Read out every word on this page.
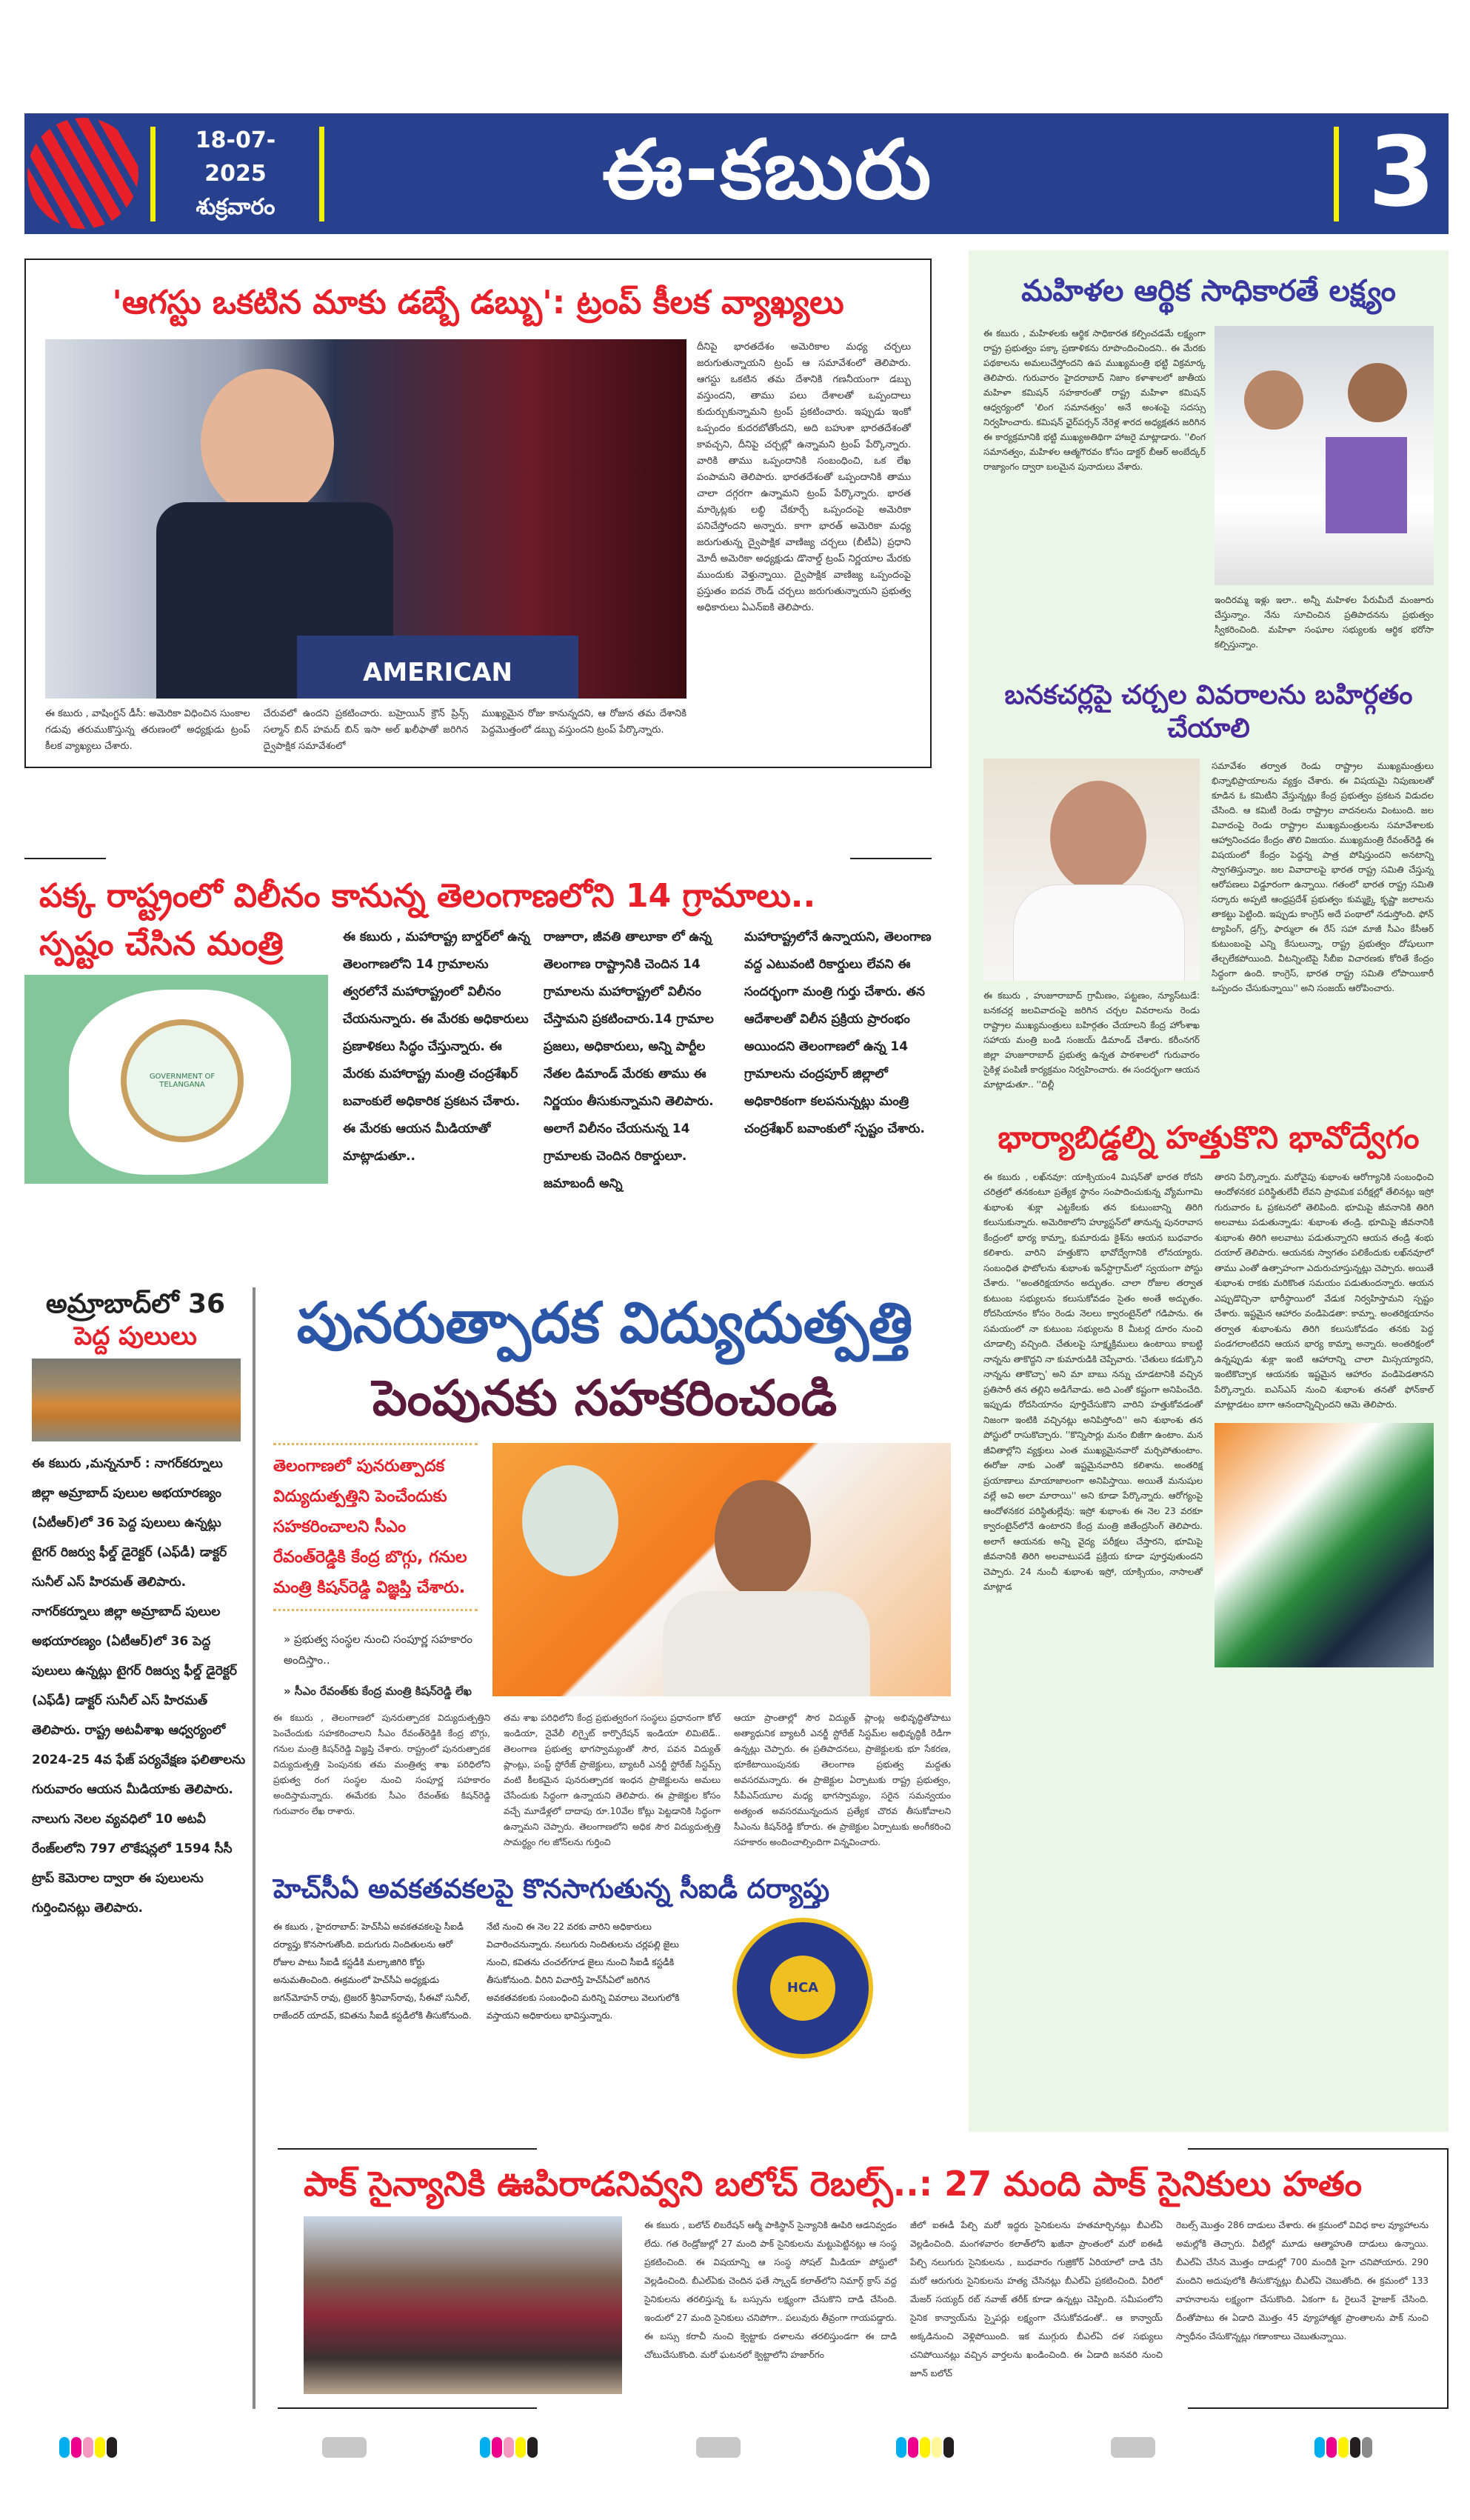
18-07-2025
శుక్రవారం
e-kaburu.com
ఈ-కబురు	3
'ఆగస్టు ఒకటిన మాకు డబ్బే డబ్బు': ట్రంప్ కీలక వ్యాఖ్యలు
AMERICAN
ఈ కబురు , వాషింగ్టన్ డీసీ: అమెరికా విధించిన సుంకాల గడువు తరుముకొస్తున్న తరుణంలో అధ్యక్షుడు ట్రంప్ కీలక వ్యాఖ్యలు చేశారు.
చేరువలో ఉందని ప్రకటించారు. బహ్రెయిన్ క్రౌన్ ప్రిన్స్ సల్మాన్ బిన్ హమద్ బిన్ ఇసా అల్ ఖలీఫాతో జరిగిన ద్వైపాక్షిక సమావేశంలో
ముఖ్యమైన రోజు కానున్నదని, ఆ రోజున తమ దేశానికి పెద్దమొత్తంలో డబ్బు వస్తుందని ట్రంప్ పేర్కొన్నారు.
దీనిపై భారతదేశం అమెరికాల మధ్య చర్చలు జరుగుతున్నాయని ట్రంప్ ఆ సమావేశంలో తెలిపారు. ఆగస్టు ఒకటిన తమ దేశానికి గణనీయంగా డబ్బు వస్తుందని, తాము పలు దేశాలతో ఒప్పందాలు కుదుర్చుకున్నామని ట్రంప్ ప్రకటించారు. ఇప్పుడు ఇంకో ఒప్పందం కుదరబోతోందని, అది బహుశా భారతదేశంతో కావచ్చని, దీనిపై చర్చల్లో ఉన్నామని ట్రంప్ పేర్కొన్నారు. వారికి తాము ఒప్పందానికి సంబంధించి, ఒక లేఖ పంపామని తెలిపారు. భారతదేశంతో ఒప్పందానికి తాము చాలా దగ్గరగా ఉన్నామని ట్రంప్ పేర్కొన్నారు. భారత మార్కెట్లకు లబ్ధి చేకూర్చే ఒప్పందంపై అమెరికా పనిచేస్తోందని అన్నారు. కాగా భారత్ అమెరికా మధ్య జరుగుతున్న ద్వైపాక్షిక వాణిజ్య చర్చలు (బీటీఏ) ప్రధాని మోదీ అమెరికా అధ్యక్షుడు డొనాల్డ్ ట్రంప్ నిర్ణయాల మేరకు ముందుకు వెళ్తున్నాయి. ద్వైపాక్షిక వాణిజ్య ఒప్పందంపై ప్రస్తుతం ఐదవ రౌండ్ చర్చలు జరుగుతున్నాయని ప్రభుత్వ అధికారులు ఏఎన్ఐకి తెలిపారు.
పక్క రాష్ట్రంలో విలీనం కానున్న తెలంగాణలోని 14 గ్రామాలు..
స్పష్టం చేసిన మంత్రి
GOVERNMENT OF TELANGANA
ఈ కబురు , మహారాష్ట్ర బార్డర్‌లో ఉన్న తెలంగాణలోని 14 గ్రామాలను త్వరలోనే మహారాష్ట్రంలో విలీనం చేయనున్నారు. ఈ మేరకు అధికారులు ప్రణాళికలు సిద్ధం చేస్తున్నారు. ఈ మేరకు మహారాష్ట్ర మంత్రి చంద్రశేఖర్ బవాంకులే అధికారిక ప్రకటన చేశారు. ఈ మేరకు ఆయన మీడియాతో మాట్లాడుతూ..
రాజూరా, జీవతి తాలూకా లో ఉన్న తెలంగాణ రాష్ట్రానికి చెందిన 14 గ్రామాలను మహారాష్ట్రలో విలీనం చేస్తామని ప్రకటించారు.14 గ్రామాల ప్రజలు, అధికారులు, అన్ని పార్టీల నేతల డిమాండ్ మేరకు తాము ఈ నిర్ణయం తీసుకున్నామని తెలిపారు. అలాగే విలీనం చేయనున్న 14 గ్రామాలకు చెందిన రికార్డులూ. జమాబందీ అన్ని
మహారాష్ట్రలోనే ఉన్నాయని, తెలంగాణ వద్ద ఎటువంటి రికార్డులు లేవని ఈ సందర్భంగా మంత్రి గుర్తు చేశారు. తన ఆదేశాలతో విలీన ప్రక్రియ ప్రారంభం అయిందని తెలంగాణలో ఉన్న 14 గ్రామాలను చంద్రపూర్ జిల్లాలో అధికారికంగా కలపనున్నట్లు మంత్రి చంద్రశేఖర్ బవాంకులో స్పష్టం చేశారు.
అమ్రాబాద్‌లో 36
పెద్ద పులులు
ఈ కబురు ,మన్ననూర్ : నాగర్‌కర్నూలు జిల్లా అమ్రాబాద్ పులుల అభయారణ్యం (ఏటీఆర్)లో 36 పెద్ద పులులు ఉన్నట్లు టైగర్ రిజర్వు ఫీల్డ్ డైరెక్టర్ (ఎఫ్‌డీ) డాక్టర్ సునీల్ ఎస్ హిరమత్ తెలిపారు. నాగర్‌కర్నూలు జిల్లా అమ్రాబాద్ పులుల అభయారణ్యం (ఏటీఆర్)లో 36 పెద్ద పులులు ఉన్నట్లు టైగర్ రిజర్వు ఫీల్డ్ డైరెక్టర్ (ఎఫ్‌డీ) డాక్టర్ సునీల్ ఎస్ హిరమత్ తెలిపారు. రాష్ట్ర అటవీశాఖ ఆధ్వర్యంలో 2024-25 4వ ఫేజ్ పర్యవేక్షణ ఫలితాలను గురువారం ఆయన మీడియాకు తెలిపారు. నాలుగు నెలల వ్యవధిలో 10 అటవీ రేంజ్‌లలోని 797 లొకేషన్లలో 1594 సీసీ ట్రాప్ కెమెరాల ద్వారా ఈ పులులను గుర్తించినట్లు తెలిపారు.
పునరుత్పాదక విద్యుదుత్పత్తి
పెంపునకు సహకరించండి
తెలంగాణలో పునరుత్పాదక విద్యుదుత్పత్తిని పెంచేందుకు సహకరించాలని సీఎం రేవంత్‌రెడ్డికి కేంద్ర బొగ్గు, గనుల మంత్రి కిషన్‌రెడ్డి విజ్ఞప్తి చేశారు.
» ప్రభుత్వ సంస్థల నుంచి సంపూర్ణ సహకారం అందిస్తాం..
» సీఎం రేవంత్‌కు కేంద్ర మంత్రి కిషన్‌రెడ్డి లేఖ
ఈ కబురు , తెలంగాణలో పునరుత్పాదక విద్యుదుత్పత్తిని పెంచేందుకు సహకరించాలని సీఎం రేవంత్‌రెడ్డికి కేంద్ర బొగ్గు, గనుల మంత్రి కిషన్‌రెడ్డి విజ్ఞప్తి చేశారు. రాష్ట్రంలో పునరుత్పాదక విద్యుదుత్పత్తి పెంపునకు తమ మంత్రిత్వ శాఖ పరిధిలోని ప్రభుత్వ రంగ సంస్థల నుంచి సంపూర్ణ సహకారం అందిస్తామన్నారు. ఈమేరకు సీఎం రేవంత్‌కు కిషన్‌రెడ్డి గురువారం లేఖ రాశారు.
తమ శాఖ పరిధిలోని కేంద్ర ప్రభుత్వరంగ సంస్థలు ప్రధానంగా కోల్ ఇండియా, నైవేలీ లిగ్నైట్ కార్పొరేషన్ ఇండియా లిమిటెడ్.. తెలంగాణ ప్రభుత్వ భాగస్వామ్యంతో సౌర, పవన విద్యుత్ ప్లాంట్లు, పంప్డ్ స్టోరేజ్ ప్రాజెక్టులు, బ్యాటరీ ఎనర్జీ స్టోరేజ్ సిస్టమ్స్ వంటి కీలకమైన పునరుత్పాదక ఇంధన ప్రాజెక్టులను అమలు చేసేందుకు సిద్ధంగా ఉన్నాయని తెలిపారు. ఈ ప్రాజెక్టుల కోసం వచ్చే మూడేళ్లలో దాదాపు రూ.10వేల కోట్లు పెట్టడానికి సిద్ధంగా ఉన్నామని చెప్పారు. తెలంగాణలోని అధిక సౌర విద్యుదుత్పత్తి సామర్థ్యం గల జోన్‌లను గుర్తించి
ఆయా ప్రాంతాల్లో సౌర విద్యుత్ ప్లాంట్ల అభివృద్ధితోపాటు అత్యాధునిక బ్యాటరీ ఎనర్జీ స్టోరేజ్ సిస్టమ్‌ల అభివృద్ధికీ రెడీగా ఉన్నట్లు చెప్పారు. ఈ ప్రతిపాదనలు, ప్రాజెక్టులకు భూ సేకరణ, భూకేటాయింపునకు తెలంగాణ ప్రభుత్వ మద్దతు అవసరమన్నారు. ఈ ప్రాజెక్టుల ఏర్పాటుకు రాష్ట్ర ప్రభుత్వం, సీపీఎస్‌యూల మధ్య భాగస్వామ్యం, సరైన సమన్వయం అత్యంత అవసరమున్నందున ప్రత్యేక చొరవ తీసుకోవాలని సీఎంను కిషన్‌రెడ్డి కోరారు. ఈ ప్రాజెక్టుల ఏర్పాటుకు అంగీకరించి సహకారం అందించాల్సిందిగా విన్నవించారు.
హెచ్‌సీఏ అవకతవకలపై కొనసాగుతున్న సీఐడీ దర్యాప్తు
ఈ కబురు , హైదరాబాద్: హెచ్‌సీఏ అవకతవకలపై సీఐడీ దర్యాప్తు కొనసాగుతోంది. ఐదుగురు నిందితులను ఆరో రోజుల పాటు సీఐడీ కస్టడీకి మల్కాజిగిరి కోర్టు అనుమతించింది. ఈక్రమంలో హెచ్‌సీఏ అధ్యక్షుడు జగన్‌మోహన్ రావు, ట్రెజరర్ శ్రీనివాస్‌రావు, సీఈవో సునీల్, రాజేందర్ యాదవ్, కవితను సీఐడీ కస్టడీలోకి తీసుకోనుంది.
నేటి నుంచి ఈ నెల 22 వరకు వారిని అధికారులు విచారించనున్నారు. నలుగురు నిందితులను చర్లపల్లి జైలు నుంచి, కవితను చంచల్‌గూడ జైలు నుంచి సీఐడీ కస్టడీకి తీసుకోనుంది. వీరిని విచారిస్తే హెచ్‌సీఏలో జరిగిన అవకతవకలకు సంబంధించి మరిన్ని వివరాలు వెలుగులోకి వస్తాయని అధికారులు భావిస్తున్నారు.
HCA
మహిళల ఆర్థిక సాధికారతే లక్ష్యం
ఈ కబురు , మహిళలకు ఆర్థిక సాధికారత కల్పించడమే లక్ష్యంగా రాష్ట్ర ప్రభుత్వం పక్కా ప్రణాళికను రూపొందించిందని.. ఈ మేరకు పథకాలను అమలుచేస్తోందని ఉప ముఖ్యమంత్రి భట్టి విక్రమార్క తెలిపారు. గురువారం హైదరాబాద్ నిజాం కళాశాలలో జాతీయ మహిళా కమిషన్ సహకారంతో రాష్ట్ర మహిళా కమిషన్ ఆధ్వర్యంలో 'లింగ సమానత్వం' అనే అంశంపై సదస్సు నిర్వహించారు. కమిషన్ ఛైర్‌పర్సన్ నేరెళ్ల శారద అధ్యక్షతన జరిగిన ఈ కార్యక్రమానికి భట్టి ముఖ్యఅతిథిగా హాజరై మాట్లాడారు. ''లింగ సమానత్వం, మహిళల ఆత్మగౌరవం కోసం డాక్టర్ బీఆర్ అంబేద్కర్ రాజ్యాంగం ద్వారా బలమైన పునాదులు వేశారు.
ఇందిరమ్మ ఇళ్లు ఇలా.. అన్నీ మహిళల పేరుమీదే మంజూరు చేస్తున్నాం. నేను సూచించిన ప్రతిపాదనను ప్రభుత్వం స్వీకరించింది. మహిళా సంఘాల సభ్యులకు ఆర్థిక భరోసా కల్పిస్తున్నాం.
బనకచర్లపై చర్చల వివరాలను బహిర్గతం చేయాలి
ఈ కబురు , హుజూరాబాద్ గ్రామీణం, పట్టణం, న్యూస్‌టుడే: బనకచర్ల జలవివాదంపై జరిగిన చర్చల వివరాలను రెండు రాష్ట్రాల ముఖ్యమంత్రులు బహిర్గతం చేయాలని కేంద్ర హోంశాఖ సహాయ మంత్రి బండి సంజయ్ డిమాండ్ చేశారు. కరీంనగర్ జిల్లా హుజూరాబాద్ ప్రభుత్వ ఉన్నత పాఠశాలలో గురువారం సైకిళ్ల పంపిణీ కార్యక్రమం నిర్వహించారు. ఈ సందర్భంగా ఆయన మాట్లాడుతూ.. ''దిల్లీ
సమావేశం తర్వాత రెండు రాష్ట్రాల ముఖ్యమంత్రులు భిన్నాభిప్రాయాలను వ్యక్తం చేశారు. ఈ విషయమై నిపుణులతో కూడిన ఓ కమిటీని వేస్తున్నట్లు కేంద్ర ప్రభుత్వం ప్రకటన విడుదల చేసింది. ఆ కమిటీ రెండు రాష్ట్రాల వాదనలను వింటుంది. జల వివాదంపై రెండు రాష్ట్రాల ముఖ్యమంత్రులను సమావేశాలకు ఆహ్వానించడం కేంద్రం తొలి విజయం. ముఖ్యమంత్రి రేవంత్‌రెడ్డి ఈ విషయంలో కేంద్రం పెద్దన్న పాత్ర పోషిస్తుందని అనటాన్ని స్వాగతిస్తున్నాం. జల వివాదాలపై భారత రాష్ట్ర సమితి చేస్తున్న ఆరోపణలు విడ్డూరంగా ఉన్నాయి. గతంలో భారత రాష్ట్ర సమితి సర్కారు అప్పటి ఆంధ్రప్రదేశ్ ప్రభుత్వం కుమ్మక్కై కృష్ణా జలాలను తాకట్టు పెట్టింది. ఇప్పుడు కాంగ్రెస్ అదే పంథాలో నడుస్తోంది. ఫోన్ ట్యాపింగ్, డ్రగ్స్, ఫార్ములా ఈ రేస్ సహా మాజీ సీఎం కేసీఆర్ కుటుంబంపై ఎన్ని కేసులున్నా, రాష్ట్ర ప్రభుత్వం దోషులుగా తేల్చలేకపోయింది. వీటన్నింటిపై సీబీఐ విచారణకు కోరితే కేంద్రం సిద్ధంగా ఉంది. కాంగ్రెస్, భారత రాష్ట్ర సమితి లోపాయికారీ ఒప్పందం చేసుకున్నాయి'' అని సంజయ్ ఆరోపించారు.
భార్యాబిడ్డల్ని హత్తుకొని భావోద్వేగం
ఈ కబురు , లఖ్‌నవూ: యాక్సియం4 మిషన్‌తో భారత రోదసి చరిత్రలో తనకంటూ ప్రత్యేక స్థానం సంపాదించుకున్న వ్యోమగామి శుభాంశు శుక్లా ఎట్టకేలకు తన కుటుంబాన్ని తిరిగి కలుసుకున్నారు. అమెరికాలోని హ్యూస్టన్‌లో తానున్న పునరావాస కేంద్రంలో భార్య కామ్నా, కుమారుడు కైశ్‌ను ఆయన బుధవారం కలిశారు. వారిని హత్తుకొని భావోద్వేగానికి లోనయ్యారు. సంబంధిత ఫొటోలను శుభాంశు ఇన్‌స్టాగ్రామ్‌లో స్వయంగా పోస్టు చేశారు. ''అంతరిక్షయానం అద్భుతం. చాలా రోజుల తర్వాత కుటుంబ సభ్యులను కలుసుకోవడం సైతం అంతే అద్భుతం. రోదసియానం కోసం రెండు నెలలు క్వారంటైన్‌లో గడిపాను. ఈ సమయంలో నా కుటుంబ సభ్యులను 8 మీటర్ల దూరం నుంచి చూడాల్సి వచ్చింది. చేతులపై సూక్ష్మక్రిములు ఉంటాయి కాబట్టి నాన్నను తాకొద్దని నా కుమారుడికి చెప్పేవారు. 'చేతులు కడుక్కొని నాన్నను తాకొచ్చా' అని మా బాబు నన్ను చూడటానికి వచ్చిన ప్రతిసారీ తన తల్లిని అడిగేవాడు. అది ఎంతో కష్టంగా అనిపించేది. ఇప్పుడు రోదసియానం పూర్తిచేసుకొని వారిని హత్తుకోవడంతో నిజంగా ఇంటికి వచ్చినట్లు అనిపిస్తోంది'' అని శుభాంశు తన పోస్టులో రాసుకొచ్చారు. ''కొన్నిసార్లు మనం బిజీగా ఉంటాం. మన జీవితాల్లోని వ్యక్తులు ఎంత ముఖ్యమైనవారో మర్చిపోతుంటాం. ఈరోజు నాకు ఎంతో ఇష్టమైనవారిని కలిశాను. అంతరిక్ష ప్రయాణాలు మాయాజాలంగా అనిపిస్తాయి. అయితే మనుషుల వల్లే అవి అలా మారాయి'' అని కూడా పేర్కొన్నారు. ఆరోగ్యంపై ఆందోళనకర పరిస్థితుల్లేవు: ఇస్రో శుభాంశు ఈ నెల 23 వరకూ క్వారంటైన్‌లోనే ఉంటారని కేంద్ర మంత్రి జితేంద్రసింగ్ తెలిపారు. అలాగే ఆయనకు అన్ని వైద్య పరీక్షలు చేస్తారని, భూమిపై జీవనానికి తిరిగి అలవాటుపడే ప్రక్రియ కూడా పూర్తవుతుందని చెప్పారు. 24 నుంచీ శుభాంశు ఇస్రో, యాక్సియం, నాసాలతో మాట్లాడ
తారని పేర్కొన్నారు. మరోవైపు శుభాంశు ఆరోగ్యానికి సంబంధించి ఆందోళనకర పరిస్థితులేవీ లేవని ప్రాథమిక పరీక్షల్లో తేలినట్లు ఇస్రో గురువారం ఓ ప్రకటనలో తెలిపింది. భూమిపై జీవనానికి తిరిగి అలవాటు పడుతున్నాడు: శుభాంశు తండ్రి. భూమిపై జీవనానికి శుభాంశు తిరిగి అలవాటు పడుతున్నారని ఆయన తండ్రి శంభు దయాల్ తెలిపారు. ఆయనకు స్వాగతం పలికేందుకు లఖ్‌నవూలో తాము ఎంతో ఉత్సాహంగా ఎదురుచూస్తున్నట్లు చెప్పారు. అయితే శుభాంశు రాకకు మరికొంత సమయం పడుతుందన్నారు. ఆయన ఎప్పుడొచ్చినా భారీస్థాయిలో వేడుక నిర్వహిస్తామని స్పష్టం చేశారు. ఇష్టమైన ఆహారం వండిపెడతా: కామ్నా. అంతరిక్షయానం తర్వాత శుభాంశును తిరిగి కలుసుకోవడం తనకు పెద్ద పండగలాంటిదని ఆయన భార్య కామ్నా అన్నారు. అంతరిక్షంలో ఉన్నప్పుడు శుక్లా ఇంటి ఆహారాన్ని చాలా మిస్సయ్యారని, ఇంటికొచ్చాక ఆయనకు ఇష్టమైన ఆహారం వండిపెడతానని పేర్కొన్నారు. ఐఎస్ఎస్ నుంచి శుభాంశు తనతో ఫోన్‌కాల్ మాట్లాడటం బాగా ఆనందాన్నిచ్చిందని ఆమె తెలిపారు.
పాక్ సైన్యానికి ఊపిరాడనివ్వని బలోచ్ రెబల్స్..: 27 మంది పాక్ సైనికులు హతం
ఈ కబురు , బలోచ్ లిబరేషన్ ఆర్మీ పాకిస్థాన్ సైన్యానికి ఊపిరి ఆడనివ్వడం లేదు. గత రెండ్రోజుల్లో 27 మంది పాక్ సైనికులను మట్టుపెట్టినట్లు ఆ సంస్థ ప్రకటించింది. ఈ విషయాన్ని ఆ సంస్థ సోషల్ మీడియా పోస్టులో వెల్లడించింది. బీఎల్ఏకు చెందిన ఫతే స్క్వాడ్ కలాత్‌లోని నిమార్గ్ క్రాస్ వద్ద సైనికులను తరలిస్తున్న ఓ బస్సును లక్ష్యంగా చేసుకొని దాడి చేసింది. ఇందులో 27 మంది సైనికులు చనిపోగా.. పలువురు తీవ్రంగా గాయపడ్డారు. ఈ బస్సు కరాచీ నుంచి క్వెట్టాకు దళాలను తరలిస్తుండగా ఈ దాడి చోటుచేసుకొంది. మరో ఘటనలో క్వెట్టాలోని హజార్‌గం
జీలో ఐఈడీ పేల్చి మరో ఇద్దరు సైనికులను హతమార్చినట్లు బీఎల్ఏ వెల్లడించింది. మంగళవారం కలాత్‌లోని ఖజీనా ప్రాంతంలో మరో ఐఈడీ పేల్చి నలుగురు సైనికులను , బుధవారం గుజ్రికోర్ ఏరియాలో దాడి చేసి మరో ఆరుగురు సైనికులను హత్య చేసినట్లు బీఎల్ఏ ప్రకటించింది. వీరిలో మేజర్ సయ్యద్ రబ్ నవాజ్ తరీక్ కూడా ఉన్నట్లు చెప్పింది. సమీపంలోని సైనిక కాన్వాయ్‌ను స్నైపర్లు లక్ష్యంగా చేసుకోవడంతో.. ఆ కాన్వాయ్ అక్కడినుంచి వెళ్లిపోయింది. ఇక ముగ్గురు బీఎల్ఏ దళ సభ్యులు చనిపోయినట్లు వచ్చిన వార్తలను ఖండించింది. ఈ ఏడాది జనవరి నుంచి జూన్ బలోచ్
రెబల్స్ మొత్తం 286 దాడులు చేశారు. ఈ క్రమంలో వివిధ కాల వ్యూహాలను అమల్లోకి తెచ్చారు. వీటిల్లో మూడు ఆత్మాహుతి దాడులు ఉన్నాయి. బీఎల్ఏ చేసిన మొత్తం దాడుల్లో 700 మందికి పైగా చనిపోయారు. 290 మందిని అదుపులోకి తీసుకొన్నట్లు బీఎల్ఏ చెబుతోంది. ఈ క్రమంలో 133 వాహనాలను లక్ష్యంగా చేసుకొంది. ఏకంగా ఓ రైలునే హైజాక్ చేసింది. దీంతోపాటు ఈ ఏడాది మొత్తం 45 వ్యూహాత్మక ప్రాంతాలను పాక్ నుంచి స్వాధీనం చేసుకొన్నట్లు గణాంకాలు చెబుతున్నాయి.
